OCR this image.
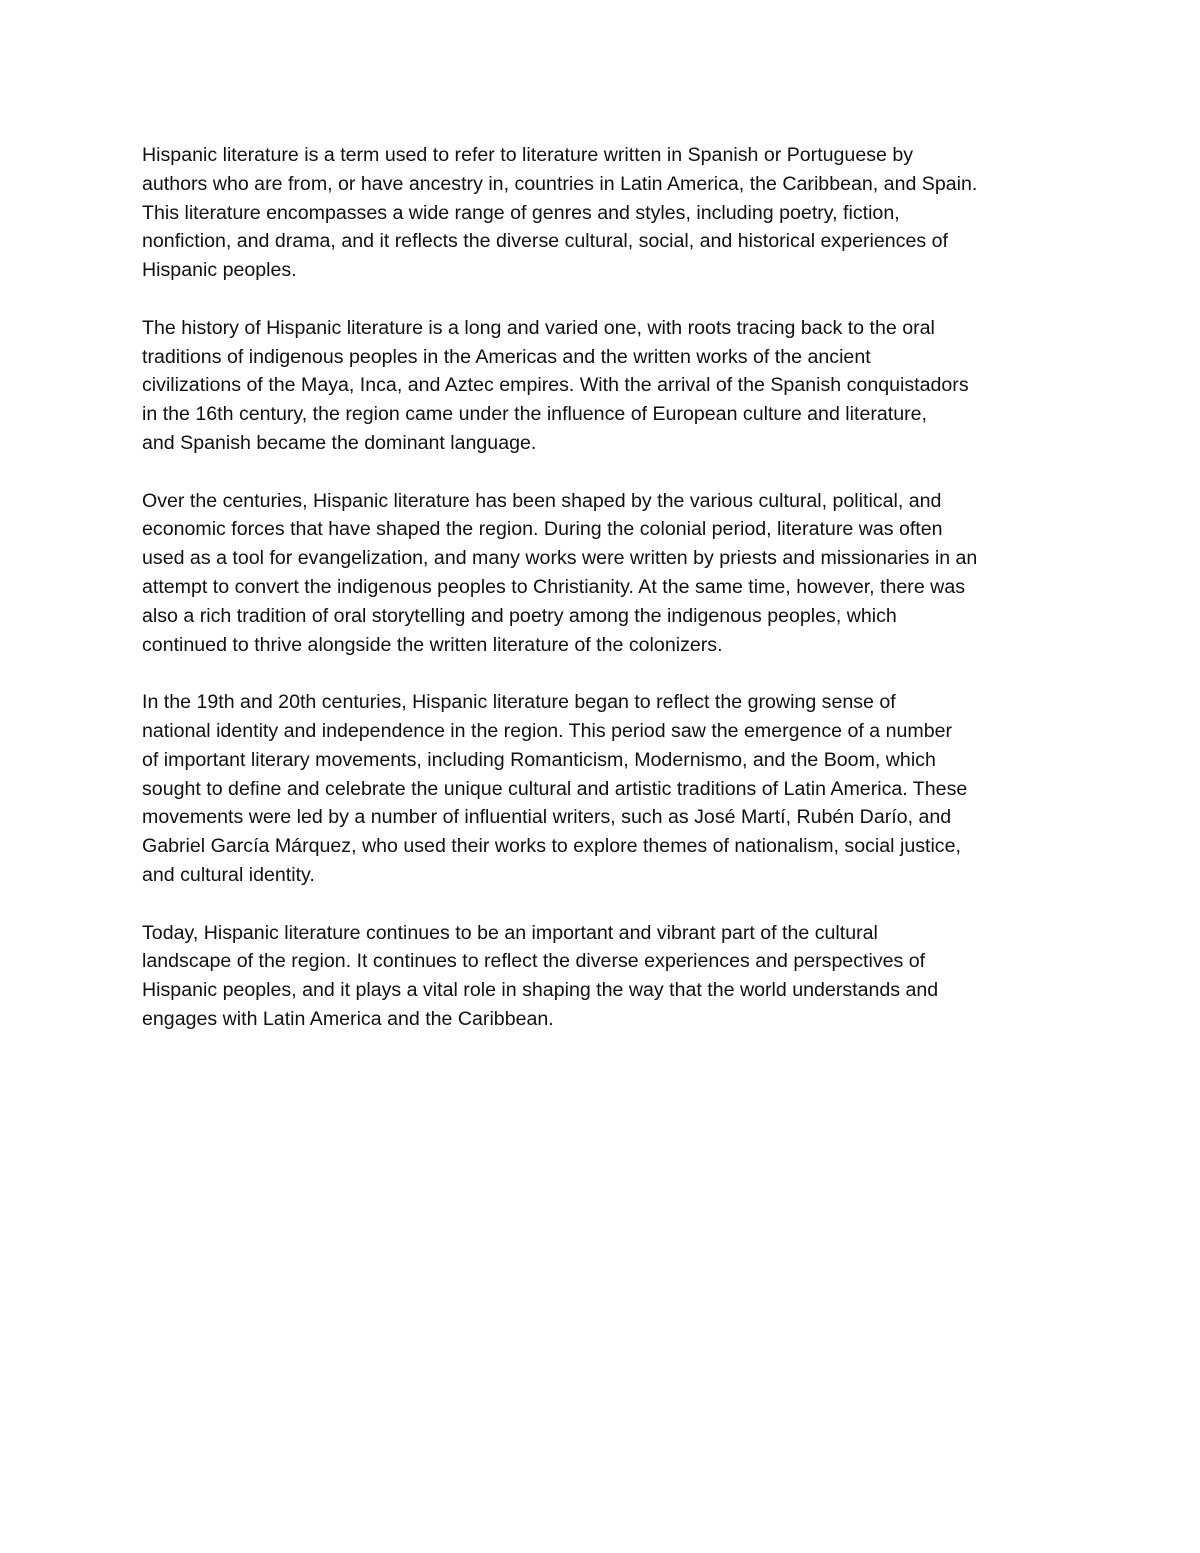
Hispanic literature is a term used to refer to literature written in Spanish or Portuguese by
authors who are from, or have ancestry in, countries in Latin America, the Caribbean, and Spain.
This literature encompasses a wide range of genres and styles, including poetry, fiction,
nonfiction, and drama, and it reflects the diverse cultural, social, and historical experiences of
Hispanic peoples.
The history of Hispanic literature is a long and varied one, with roots tracing back to the oral
traditions of indigenous peoples in the Americas and the written works of the ancient
civilizations of the Maya, Inca, and Aztec empires. With the arrival of the Spanish conquistadors
in the 16th century, the region came under the influence of European culture and literature,
and Spanish became the dominant language.
Over the centuries, Hispanic literature has been shaped by the various cultural, political, and
economic forces that have shaped the region. During the colonial period, literature was often
used as a tool for evangelization, and many works were written by priests and missionaries in an
attempt to convert the indigenous peoples to Christianity. At the same time, however, there was
also a rich tradition of oral storytelling and poetry among the indigenous peoples, which
continued to thrive alongside the written literature of the colonizers.
In the 19th and 20th centuries, Hispanic literature began to reflect the growing sense of
national identity and independence in the region. This period saw the emergence of a number
of important literary movements, including Romanticism, Modernismo, and the Boom, which
sought to define and celebrate the unique cultural and artistic traditions of Latin America. These
movements were led by a number of influential writers, such as José Martí, Rubén Darío, and
Gabriel García Márquez, who used their works to explore themes of nationalism, social justice,
and cultural identity.
Today, Hispanic literature continues to be an important and vibrant part of the cultural
landscape of the region. It continues to reflect the diverse experiences and perspectives of
Hispanic peoples, and it plays a vital role in shaping the way that the world understands and
engages with Latin America and the Caribbean.
